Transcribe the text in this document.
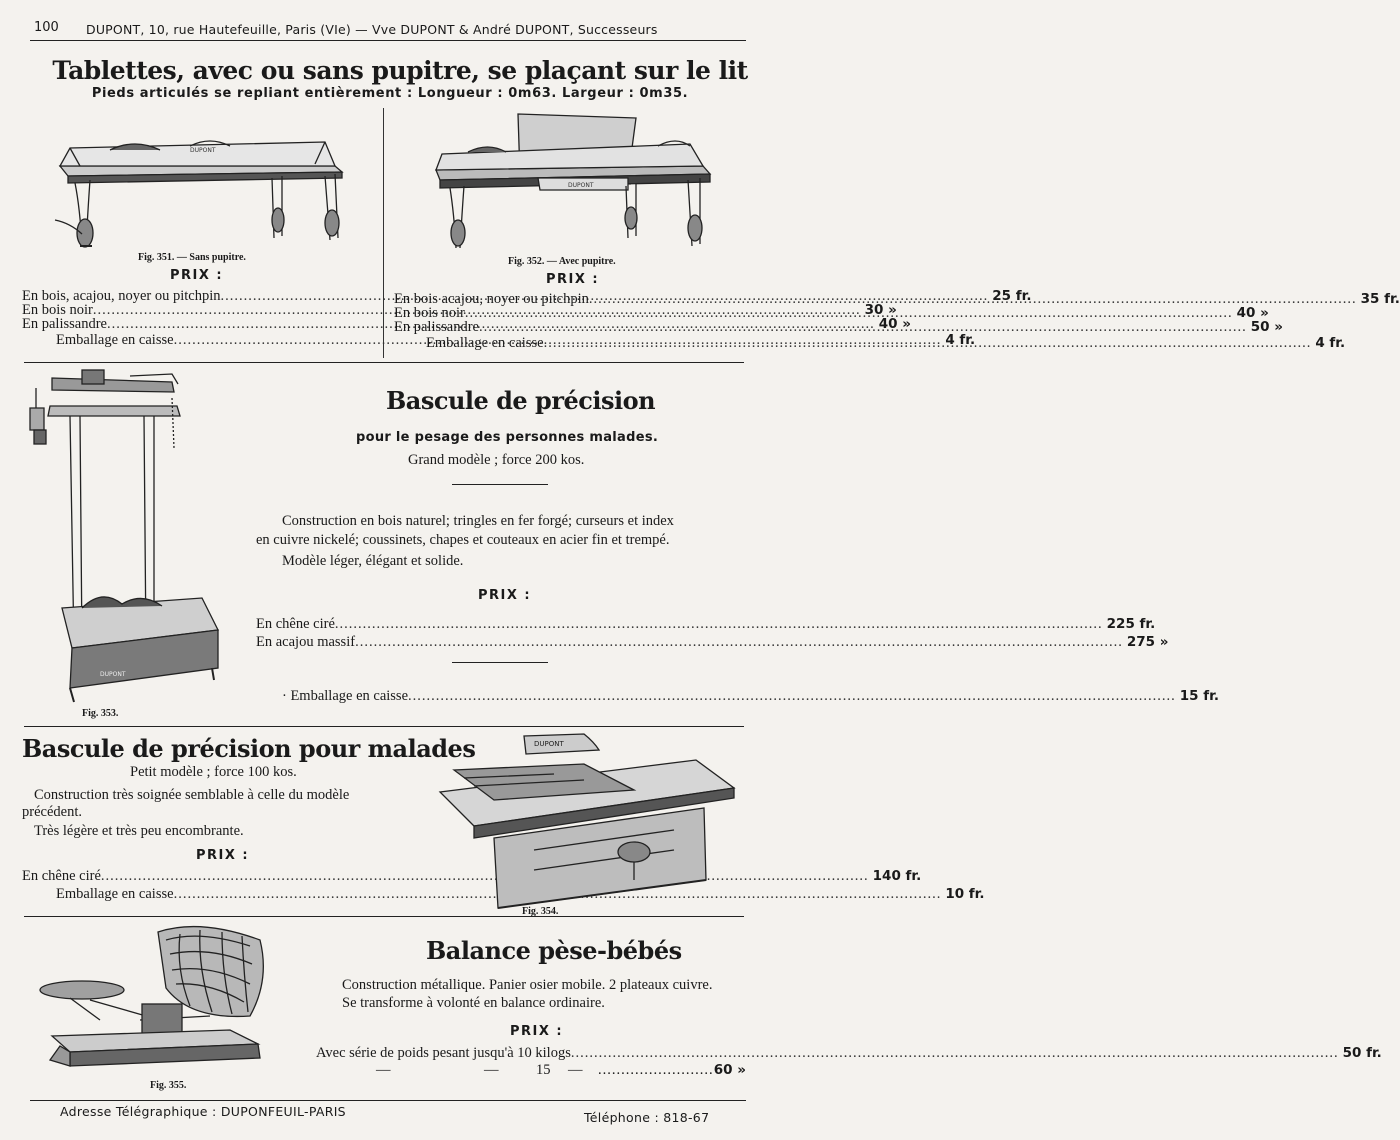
100 DUPONT, 10, rue Hautefeuille, Paris (VIe) — Vve DUPONT & André DUPONT, Successeurs
Tablettes, avec ou sans pupitre, se plaçant sur le lit
Pieds articulés se repliant entièrement : Longueur : 0m63. Largeur : 0m35.
DUPONT
Fig. 351. — Sans pupitre.
PRIX :
En bois, acajou, noyer ou pitchpin .....	25 fr.
En bois noir .....	30 »
En palissandre .....	40 »
Emballage en caisse .....	4 fr.
DUPONT
Fig. 352. — Avec pupitre.
PRIX :
En bois acajou, noyer ou pitchpin .....	35 fr.
En bois noir .....	40 »
En palissandre .....	50 »
Emballage en caisse .....	4 fr.
DUPONT
Fig. 353.
Bascule de précision
pour le pesage des personnes malades.
Grand modèle ; force 200 kos.
Construction en bois naturel; tringles en fer forgé; curseurs et index
en cuivre nickelé; coussinets, chapes et couteaux en acier fin et trempé.
Modèle léger, élégant et solide.
PRIX :
En chêne ciré .....	225 fr.
En acajou massif .....	275 »
· Emballage en caisse .....	15 fr.
Bascule de précision pour malades
Petit modèle ; force 100 kos.
Construction très soignée semblable à celle du modèle
précédent.
Très légère et très peu encombrante.
PRIX :
En chêne ciré .....	140 fr.
Emballage en caisse .....	10 fr.
DUPONT
Fig. 354.
Fig. 355.
Balance pèse-bébés
Construction métallique. Panier osier mobile. 2 plateaux cuivre.
Se transforme à volonté en balance ordinaire.
PRIX :
Avec série de poids pesant jusqu'à 10 kilogs .....	50 fr.
—	—	15 — ......................... 60 »
Adresse Télégraphique : DUPONFEUIL-PARIS	Téléphone : 818-67
